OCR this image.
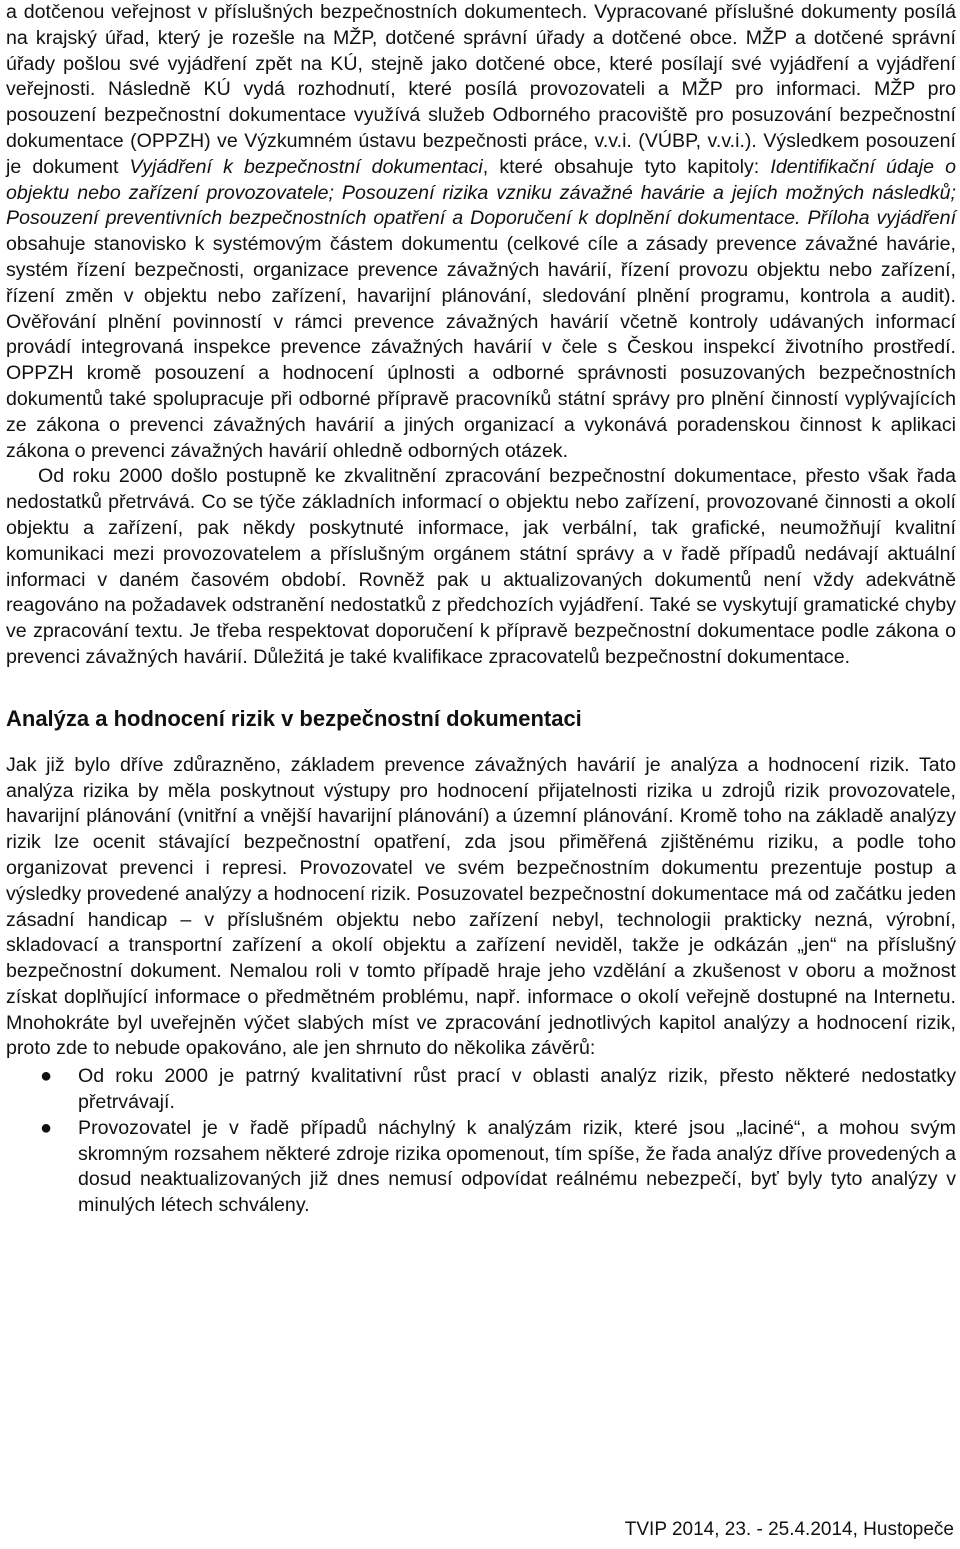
a dotčenou veřejnost v příslušných bezpečnostních dokumentech. Vypracované příslušné dokumenty posílá na krajský úřad, který je rozešle na MŽP, dotčené správní úřady a dotčené obce. MŽP a dotčené správní úřady pošlou své vyjádření zpět na KÚ, stejně jako dotčené obce, které posílají své vyjádření a vyjádření veřejnosti. Následně KÚ vydá rozhodnutí, které posílá provozovateli a MŽP pro informaci. MŽP pro posouzení bezpečnostní dokumentace využívá služeb Odborného pracoviště pro posuzování bezpečnostní dokumentace (OPPZH) ve Výzkumném ústavu bezpečnosti práce, v.v.i. (VÚBP, v.v.i.). Výsledkem posouzení je dokument Vyjádření k bezpečnostní dokumentaci, které obsahuje tyto kapitoly: Identifikační údaje o objektu nebo zařízení provozovatele; Posouzení rizika vzniku závažné havárie a jejích možných následků; Posouzení preventivních bezpečnostních opatření a Doporučení k doplnění dokumentace. Příloha vyjádření obsahuje stanovisko k systémovým částem dokumentu (celkové cíle a zásady prevence závažné havárie, systém řízení bezpečnosti, organizace prevence závažných havárií, řízení provozu objektu nebo zařízení, řízení změn v objektu nebo zařízení, havarijní plánování, sledování plnění programu, kontrola a audit). Ověřování plnění povinností v rámci prevence závažných havárií včetně kontroly udávaných informací provádí integrovaná inspekce prevence závažných havárií v čele s Českou inspekcí životního prostředí. OPPZH kromě posouzení a hodnocení úplnosti a odborné správnosti posuzovaných bezpečnostních dokumentů také spolupracuje při odborné přípravě pracovníků státní správy pro plnění činností vyplývajících ze zákona o prevenci závažných havárií a jiných organizací a vykonává poradenskou činnost k aplikaci zákona o prevenci závažných havárií ohledně odborných otázek.

Od roku 2000 došlo postupně ke zkvalitnění zpracování bezpečnostní dokumentace, přesto však řada nedostatků přetrvává. Co se týče základních informací o objektu nebo zařízení, provozované činnosti a okolí objektu a zařízení, pak někdy poskytnuté informace, jak verbální, tak grafické, neumožňují kvalitní komunikaci mezi provozovatelem a příslušným orgánem státní správy a v řadě případů nedávají aktuální informaci v daném časovém období. Rovněž pak u aktualizovaných dokumentů není vždy adekvátně reagováno na požadavek odstranění nedostatků z předchozích vyjádření. Také se vyskytují gramatické chyby ve zpracování textu. Je třeba respektovat doporučení k přípravě bezpečnostní dokumentace podle zákona o prevenci závažných havárií. Důležitá je také kvalifikace zpracovatelů bezpečnostní dokumentace.

Analýza a hodnocení rizik v bezpečnostní dokumentaci

Jak již bylo dříve zdůrazněno, základem prevence závažných havárií je analýza a hodnocení rizik. Tato analýza rizika by měla poskytnout výstupy pro hodnocení přijatelnosti rizika u zdrojů rizik provozovatele, havarijní plánování (vnitřní a vnější havarijní plánování) a územní plánování. Kromě toho na základě analýzy rizik lze ocenit stávající bezpečnostní opatření, zda jsou přiměřená zjištěnému riziku, a podle toho organizovat prevenci i represi. Provozovatel ve svém bezpečnostním dokumentu prezentuje postup a výsledky provedené analýzy a hodnocení rizik. Posuzovatel bezpečnostní dokumentace má od začátku jeden zásadní handicap – v příslušném objektu nebo zařízení nebyl, technologii prakticky nezná, výrobní, skladovací a transportní zařízení a okolí objektu a zařízení neviděl, takže je odkázán „jen“ na příslušný bezpečnostní dokument. Nemalou roli v tomto případě hraje jeho vzdělání a zkušenost v oboru a možnost získat doplňující informace o předmětném problému, např. informace o okolí veřejně dostupné na Internetu. Mnohokráte byl uveřejněn výčet slabých míst ve zpracování jednotlivých kapitol analýzy a hodnocení rizik, proto zde to nebude opakováno, ale jen shrnuto do několika závěrů:

● Od roku 2000 je patrný kvalitativní růst prací v oblasti analýz rizik, přesto některé nedostatky přetrvávají.
● Provozovatel je v řadě případů náchylný k analýzám rizik, které jsou „laciné“, a mohou svým skromným rozsahem některé zdroje rizika opomenout, tím spíše, že řada analýz dříve provedených a dosud neaktualizovaných již dnes nemusí odpovídat reálnému nebezpečí, byť byly tyto analýzy v minulých létech schváleny.
TVIP 2014, 23. - 25.4.2014, Hustopeče
